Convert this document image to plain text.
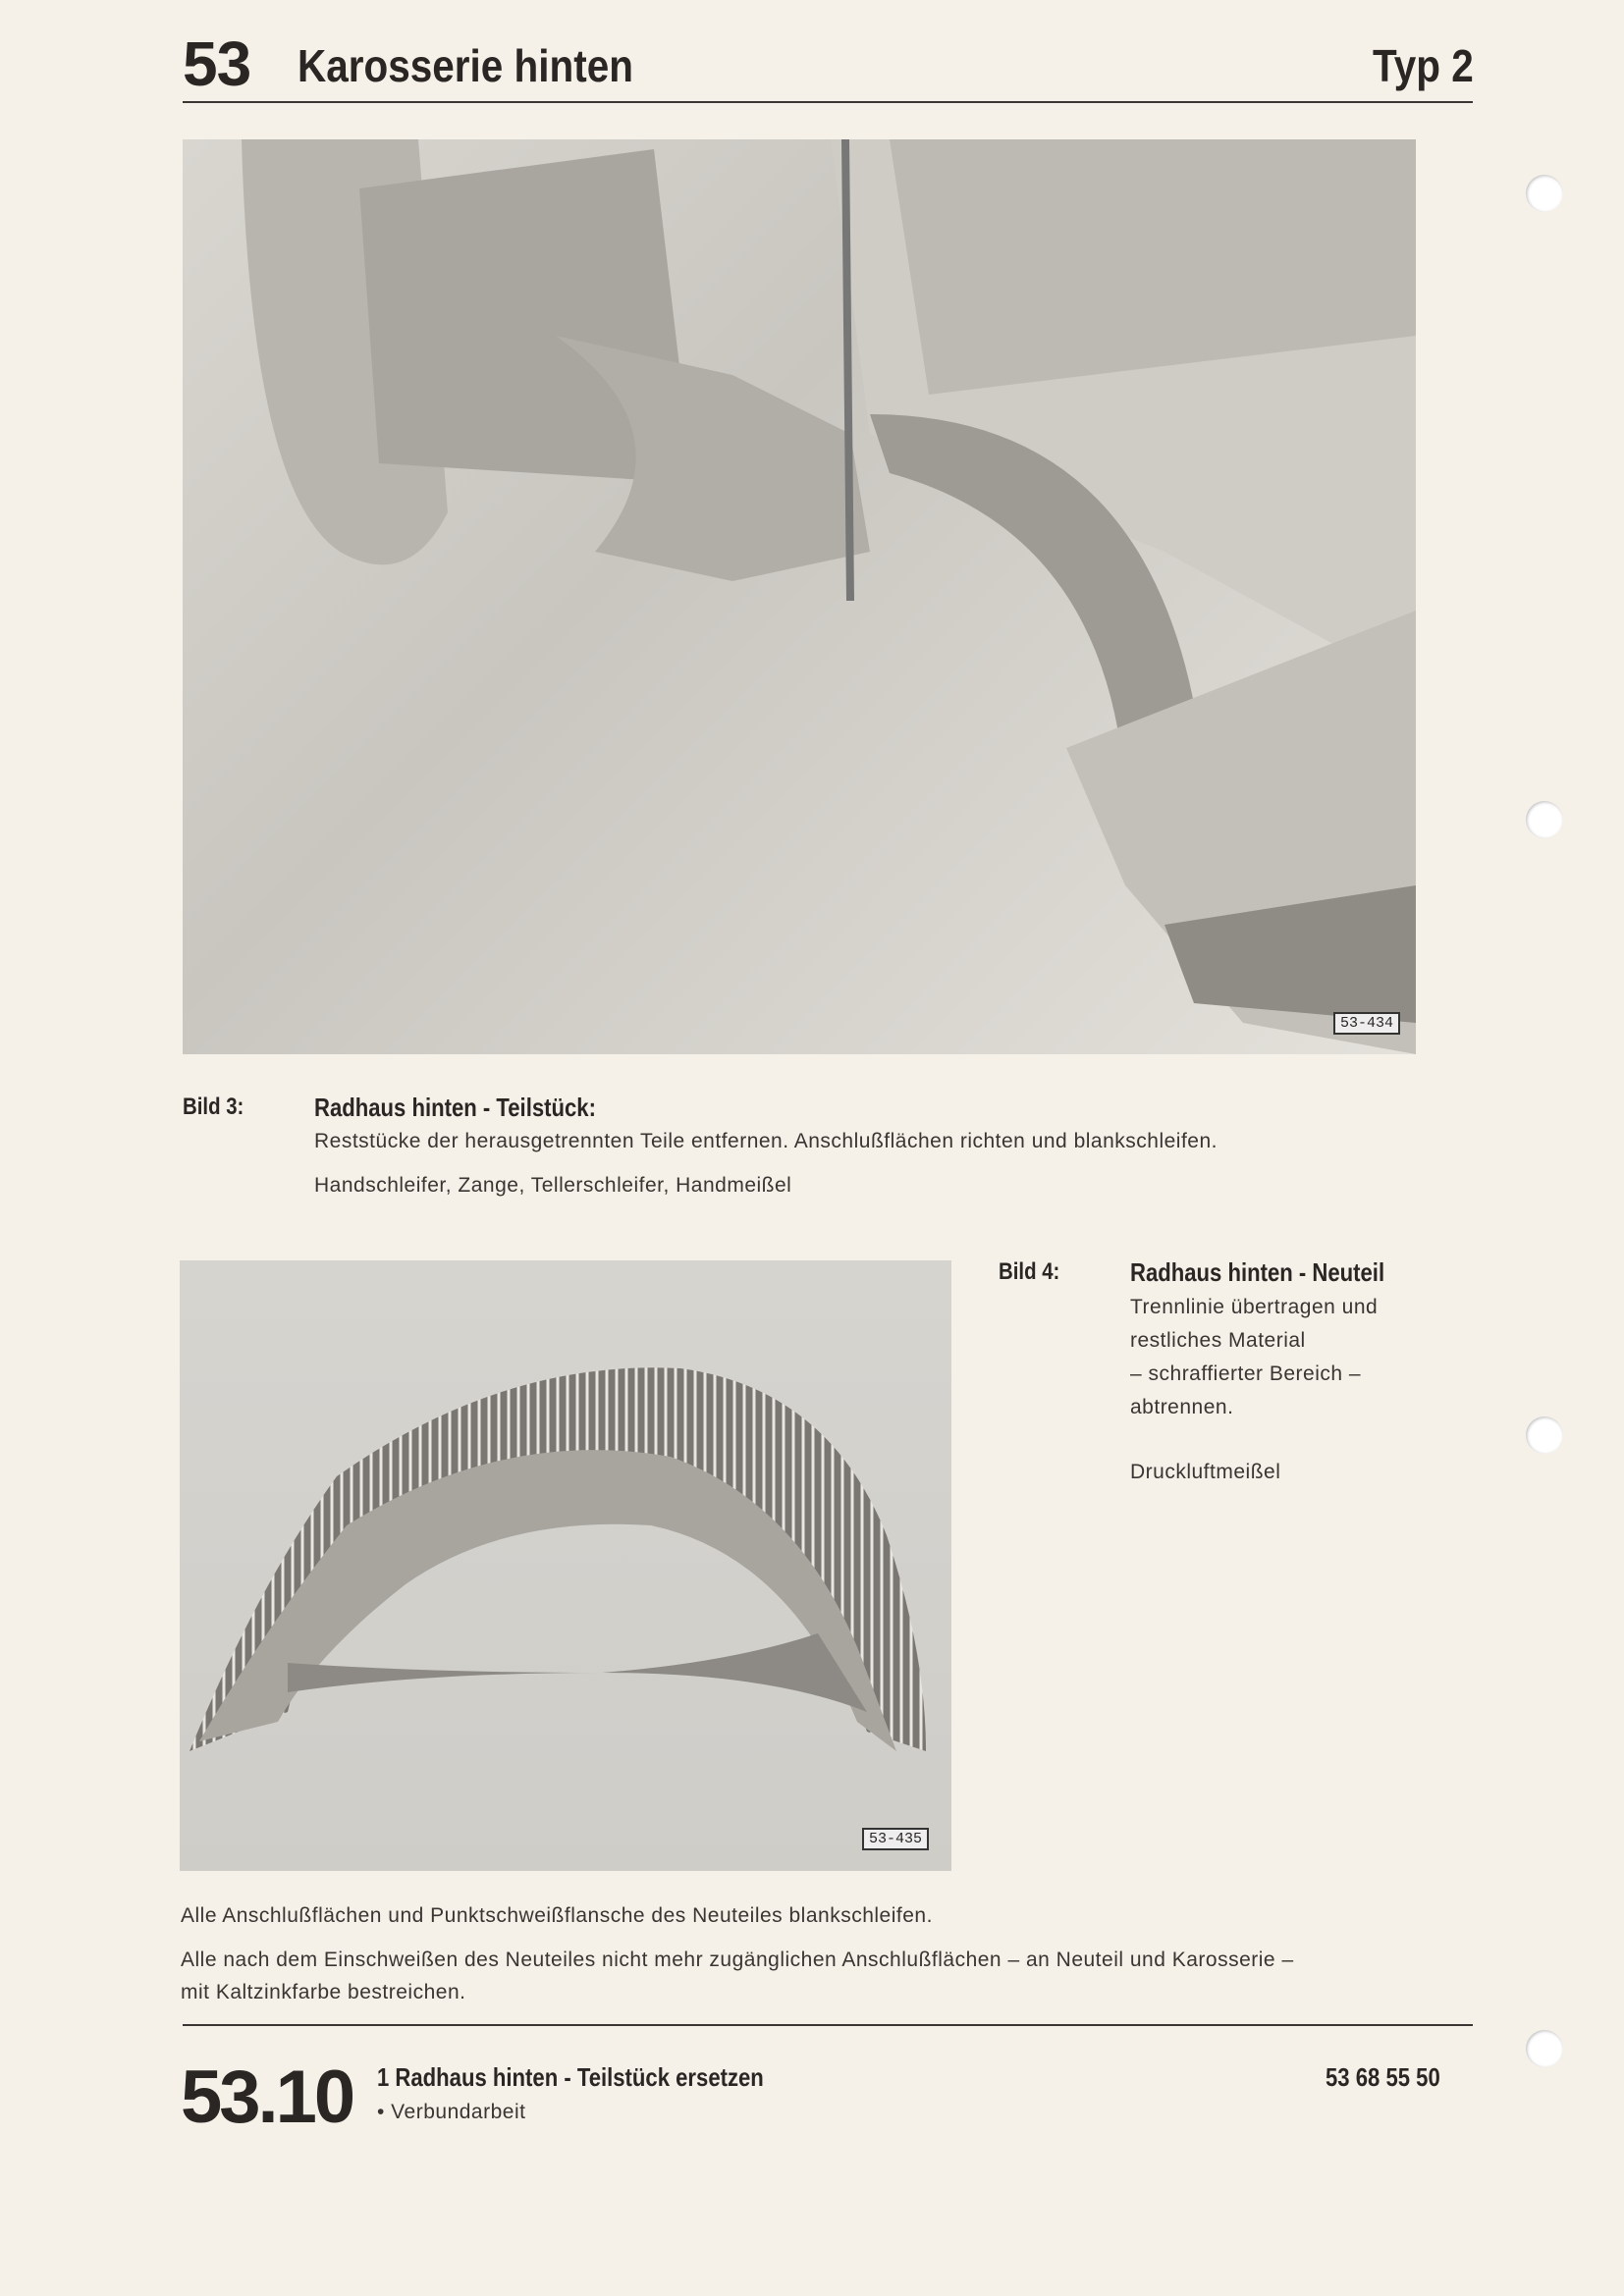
53 Karosserie hinten	Typ 2
53-434
Bild 3:	Radhaus hinten - Teilstück:
Reststücke der herausgetrennten Teile entfernen. Anschlußflächen richten und blankschleifen.
Handschleifer, Zange, Tellerschleifer, Handmeißel
53-435
Bild 4:	Radhaus hinten - Neuteil
Trennlinie übertragen und
restliches Material
– schraffierter Bereich –
abtrennen.
Druckluftmeißel
Alle Anschlußflächen und Punktschweißflansche des Neuteiles blankschleifen.
Alle nach dem Einschweißen des Neuteiles nicht mehr zugänglichen Anschlußflächen – an Neuteil und Karosserie –
mit Kaltzinkfarbe bestreichen.
53.10 1 Radhaus hinten - Teilstück ersetzen
• Verbundarbeit
53 68 55 50
